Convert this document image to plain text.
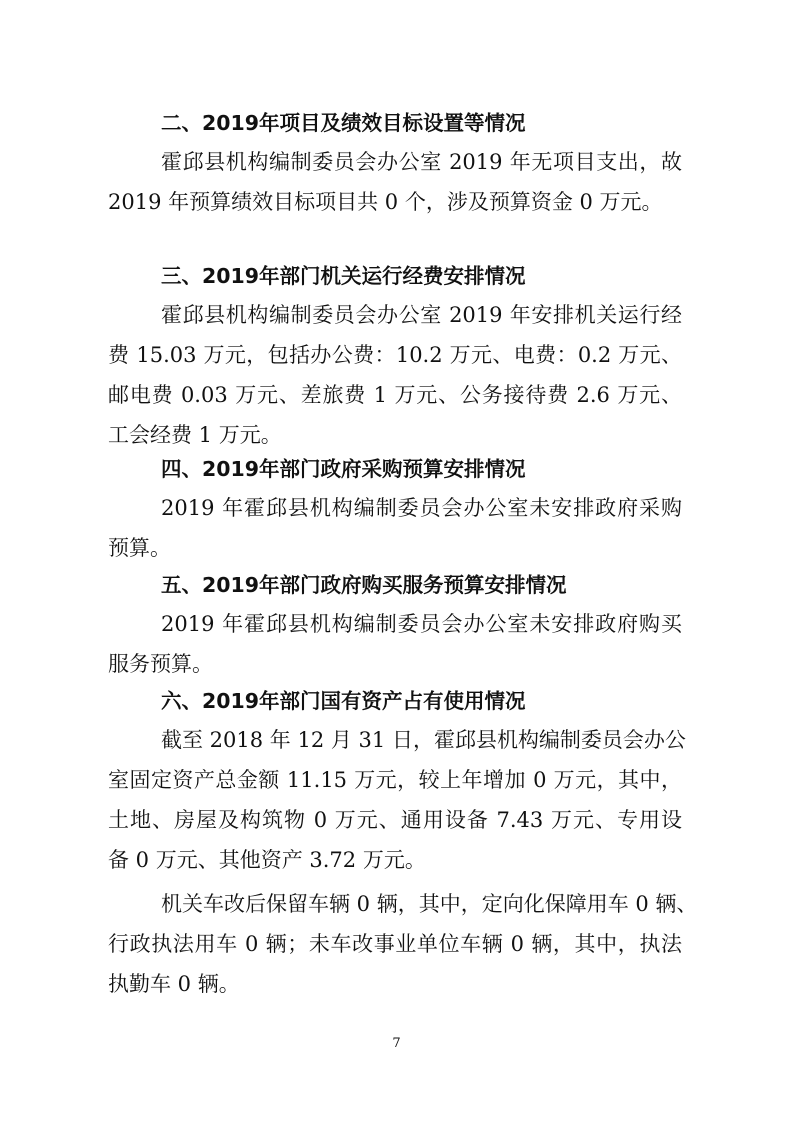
二、2019年项目及绩效目标设置等情况
霍邱县机构编制委员会办公室 2019 年无项目支出，故
2019 年预算绩效目标项目共 0 个，涉及预算资金 0 万元。
三、2019年部门机关运行经费安排情况
霍邱县机构编制委员会办公室 2019 年安排机关运行经
费 15.03 万元，包括办公费：10.2 万元、电费：0.2 万元、
邮电费 0.03 万元、差旅费 1 万元、公务接待费 2.6 万元、
工会经费 1 万元。
四、2019年部门政府采购预算安排情况
2019 年霍邱县机构编制委员会办公室未安排政府采购
预算。
五、2019年部门政府购买服务预算安排情况
2019 年霍邱县机构编制委员会办公室未安排政府购买
服务预算。
六、2019年部门国有资产占有使用情况
截至 2018 年 12 月 31 日，霍邱县机构编制委员会办公
室固定资产总金额 11.15 万元，较上年增加 0 万元，其中，
土地、房屋及构筑物 0 万元、通用设备 7.43 万元、专用设
备 0 万元、其他资产 3.72 万元。
机关车改后保留车辆 0 辆，其中，定向化保障用车 0 辆、
行政执法用车 0 辆；未车改事业单位车辆 0 辆，其中，执法
执勤车 0 辆。
7
